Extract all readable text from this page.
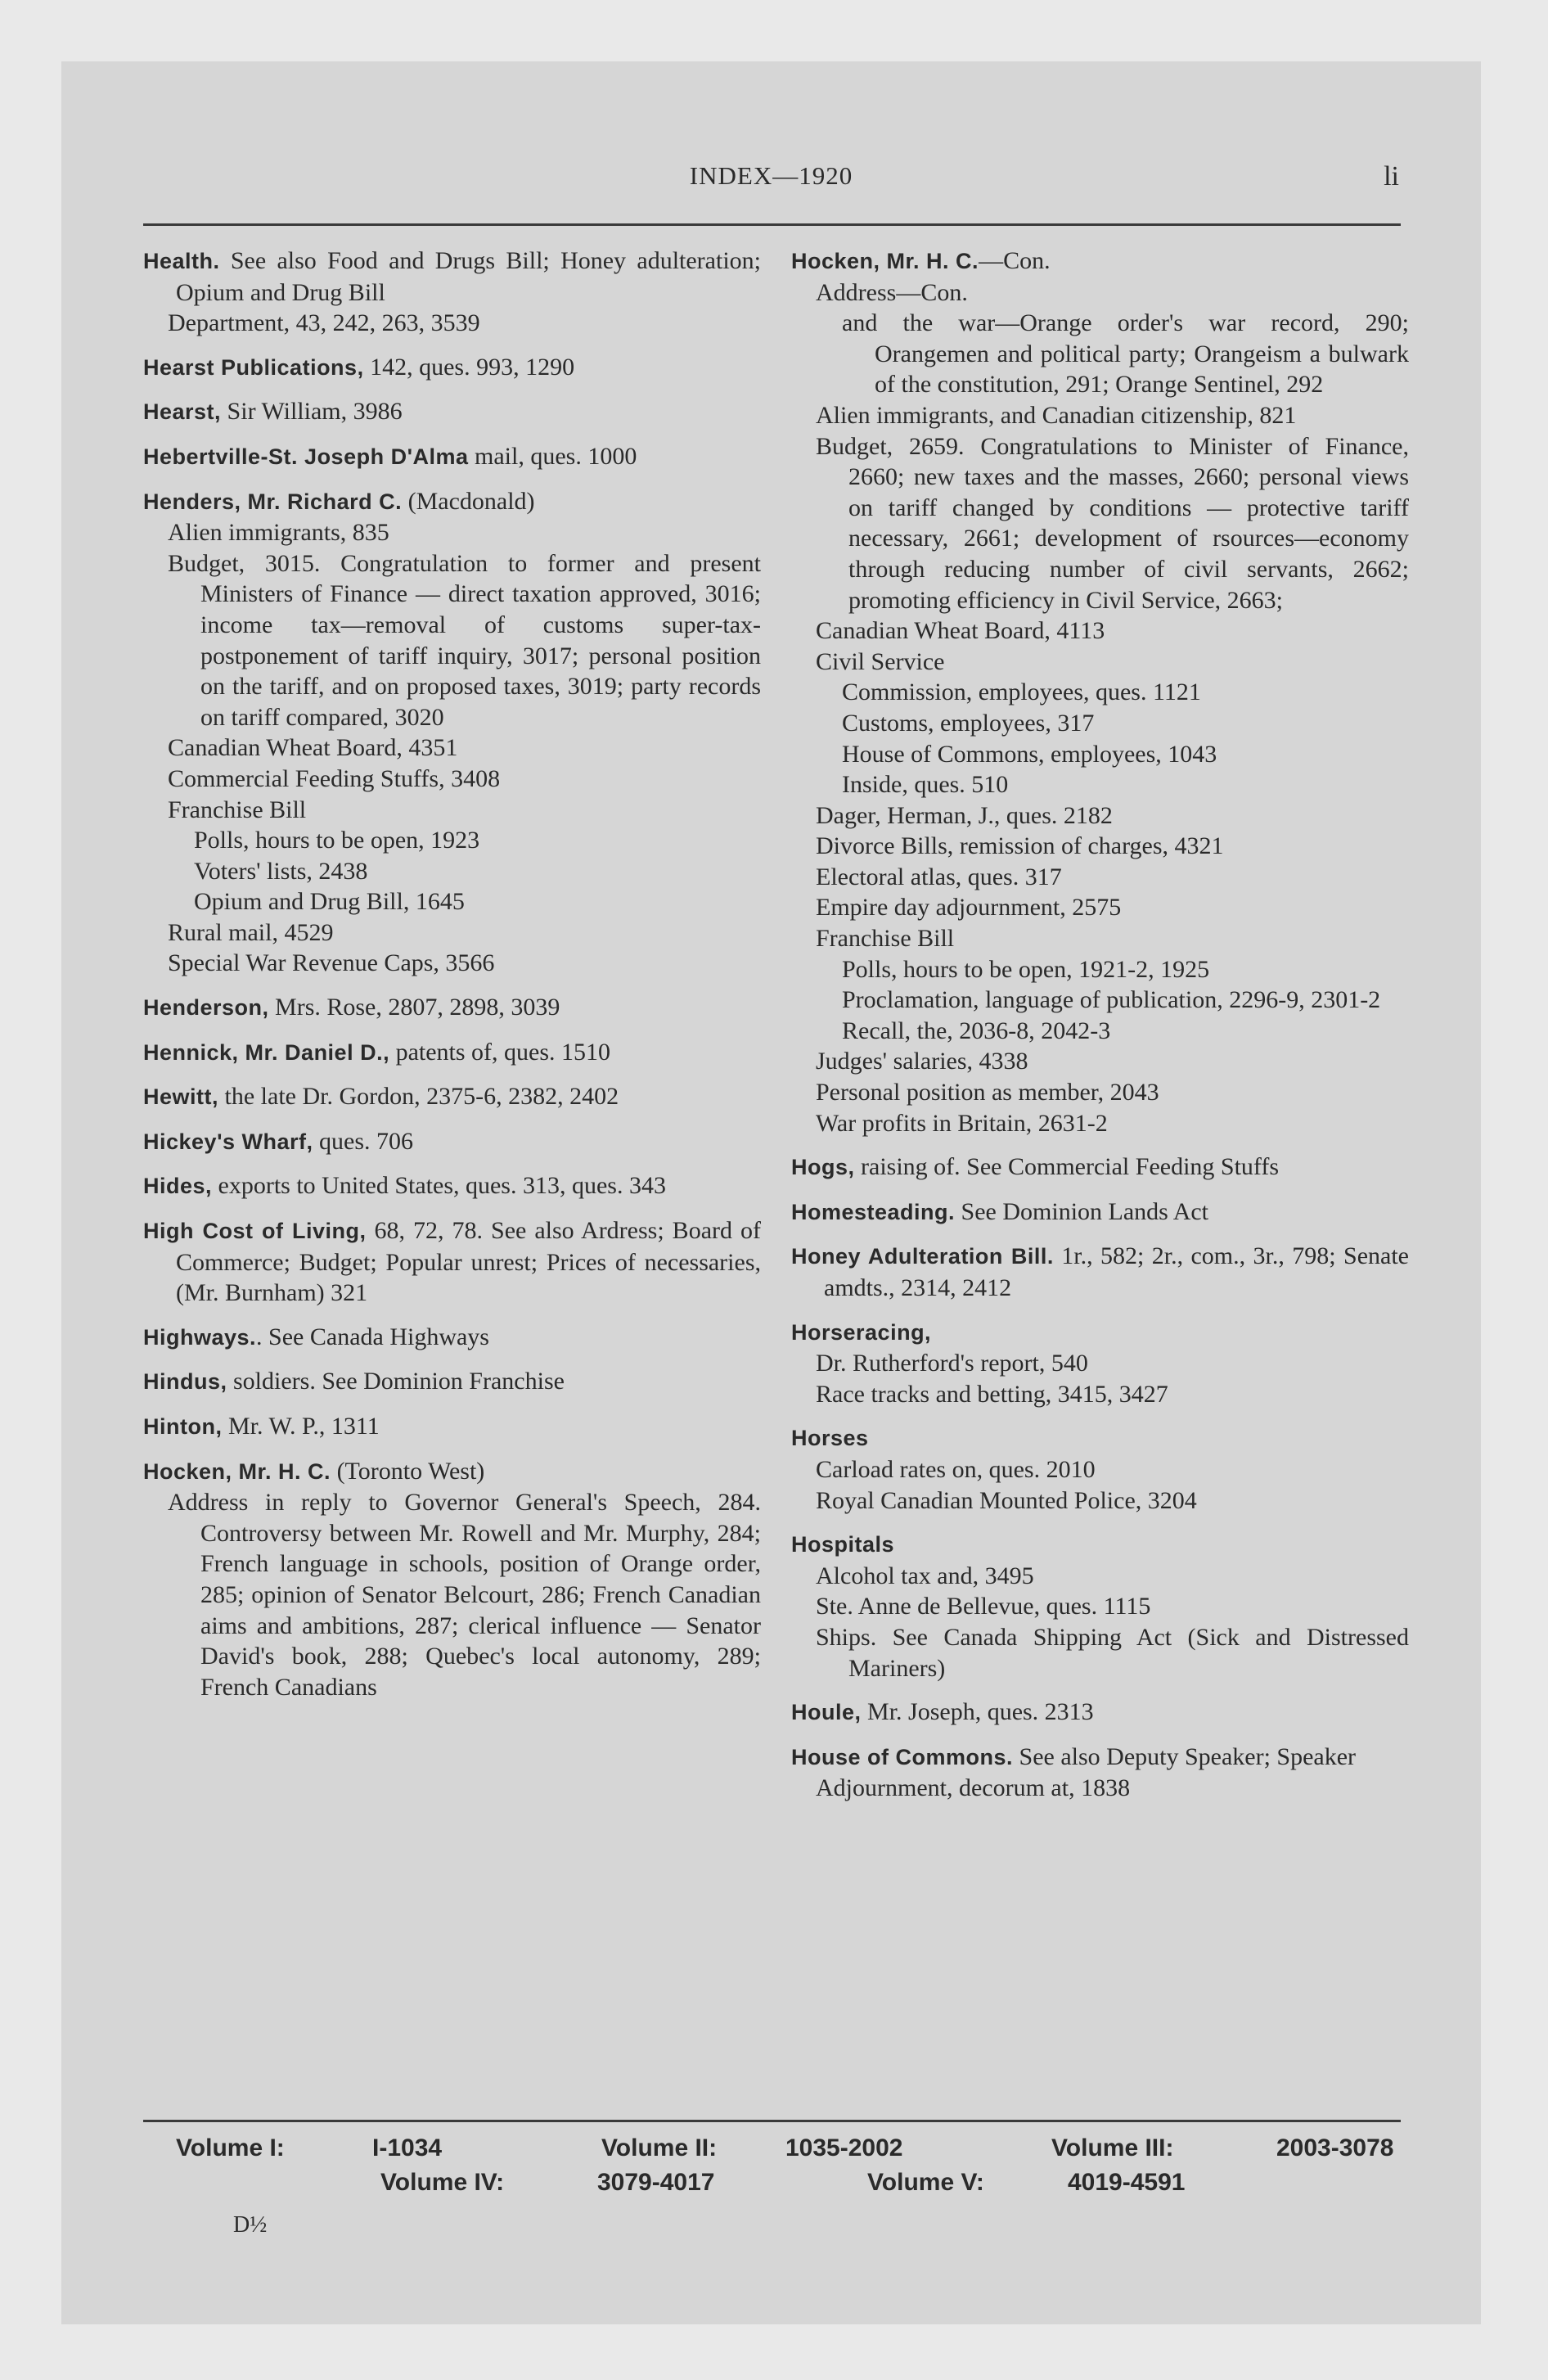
INDEX—1920	li

Health. See also Food and Drugs Bill; Honey adulteration; Opium and Drug Bill

Department, 43, 242, 263, 3539

Hearst Publications, 142, ques. 993, 1290

Hearst, Sir William, 3986

Hebertville-St. Joseph D'Alma mail, ques. 1000

Henders, Mr. Richard C. (Macdonald)

Alien immigrants, 835

Budget, 3015. Congratulation to former and present Ministers of Finance — direct taxation approved, 3016; income tax—removal of customs super-tax-postponement of tariff inquiry, 3017; personal position on the tariff, and on proposed taxes, 3019; party records on tariff compared, 3020

Canadian Wheat Board, 4351

Commercial Feeding Stuffs, 3408

Franchise Bill

Polls, hours to be open, 1923

Voters' lists, 2438

Opium and Drug Bill, 1645

Rural mail, 4529

Special War Revenue Caps, 3566

Henderson, Mrs. Rose, 2807, 2898, 3039

Hennick, Mr. Daniel D., patents of, ques. 1510

Hewitt, the late Dr. Gordon, 2375-6, 2382, 2402

Hickey's Wharf, ques. 706

Hides, exports to United States, ques. 313, ques. 343

High Cost of Living, 68, 72, 78. See also Ardress; Board of Commerce; Budget; Popular unrest; Prices of necessaries, (Mr. Burnham) 321

Highways.. See Canada Highways

Hindus, soldiers. See Dominion Franchise

Hinton, Mr. W. P., 1311

Hocken, Mr. H. C. (Toronto West)

Address in reply to Governor General's Speech, 284. Controversy between Mr. Rowell and Mr. Murphy, 284; French language in schools, position of Orange order, 285; opinion of Senator Belcourt, 286; French Canadian aims and ambitions, 287; clerical influence — Senator David's book, 288; Quebec's local autonomy, 289; French Canadians

Hocken, Mr. H. C.—Con.

Address—Con.

and the war—Orange order's war record, 290; Orangemen and political party; Orangeism a bulwark of the constitution, 291; Orange Sentinel, 292

Alien immigrants, and Canadian citizenship, 821

Budget, 2659. Congratulations to Minister of Finance, 2660; new taxes and the masses, 2660; personal views on tariff changed by conditions — protective tariff necessary, 2661; development of rsources—economy through reducing number of civil servants, 2662; promoting efficiency in Civil Service, 2663;

Canadian Wheat Board, 4113

Civil Service

Commission, employees, ques. 1121

Customs, employees, 317

House of Commons, employees, 1043

Inside, ques. 510

Dager, Herman, J., ques. 2182

Divorce Bills, remission of charges, 4321

Electoral atlas, ques. 317

Empire day adjournment, 2575

Franchise Bill

Polls, hours to be open, 1921-2, 1925

Proclamation, language of publication, 2296-9, 2301-2

Recall, the, 2036-8, 2042-3

Judges' salaries, 4338

Personal position as member, 2043

War profits in Britain, 2631-2

Hogs, raising of. See Commercial Feeding Stuffs

Homesteading. See Dominion Lands Act

Honey Adulteration Bill. 1r., 582; 2r., com., 3r., 798; Senate amdts., 2314, 2412

Horseracing,

Dr. Rutherford's report, 540

Race tracks and betting, 3415, 3427

Horses

Carload rates on, ques. 2010

Royal Canadian Mounted Police, 3204

Hospitals

Alcohol tax and, 3495

Ste. Anne de Bellevue, ques. 1115

Ships. See Canada Shipping Act (Sick and Distressed Mariners)

Houle, Mr. Joseph, ques. 2313

House of Commons. See also Deputy Speaker; Speaker

Adjournment, decorum at, 1838

Volume I:	I-1034	Volume II:	1035-2002	Volume III:	2003-3078
Volume IV:	3079-4017	Volume V:	4019-4591
D½
